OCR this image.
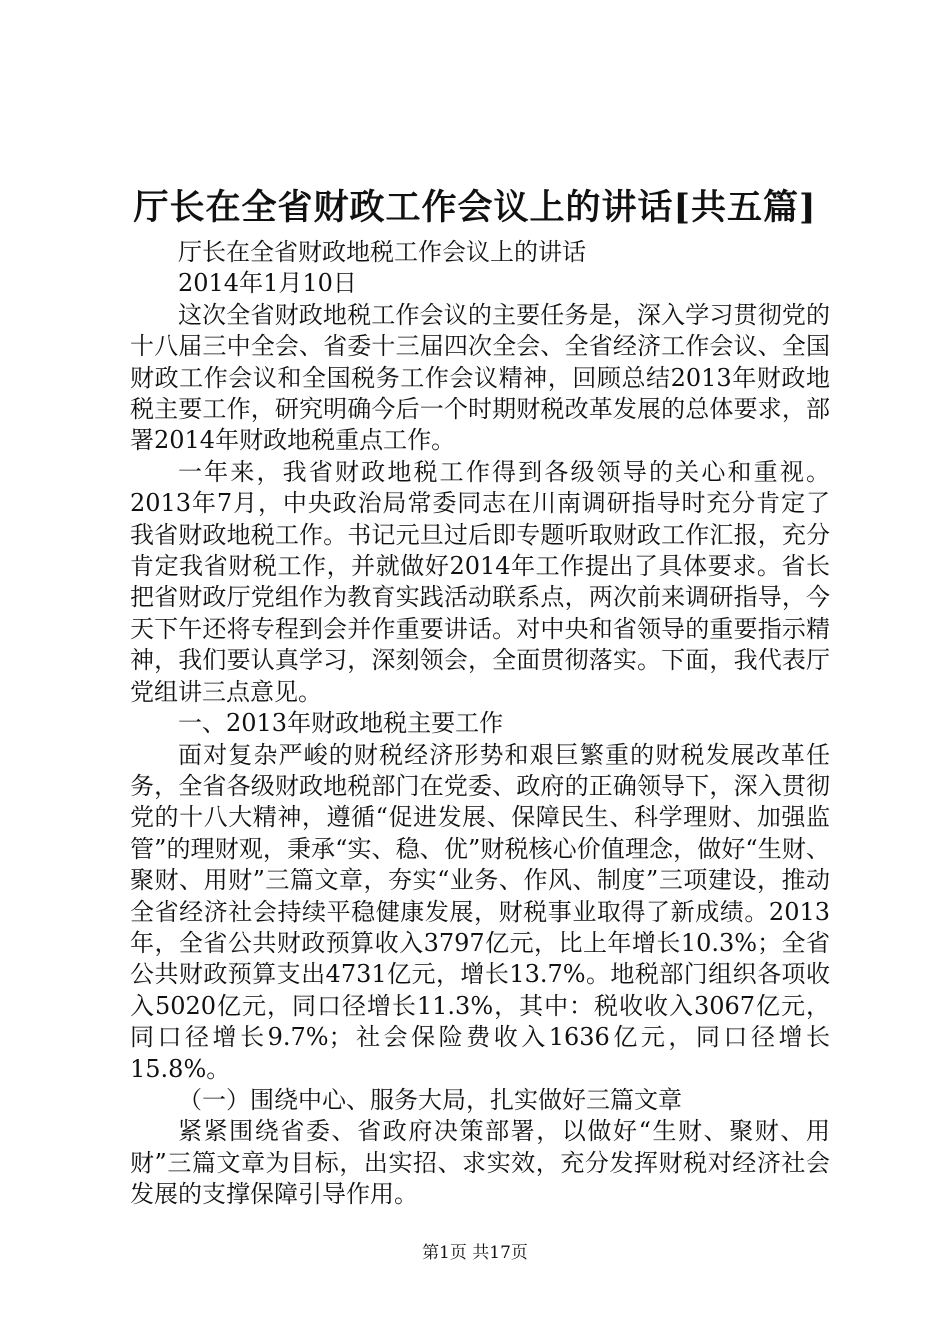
厅长在全省财政工作会议上的讲话[共五篇]

厅长在全省财政地税工作会议上的讲话

2014年1月10日

这次全省财政地税工作会议的主要任务是，深入学习贯彻党的十八届三中全会、省委十三届四次全会、全省经济工作会议、全国财政工作会议和全国税务工作会议精神，回顾总结2013年财政地税主要工作，研究明确今后一个时期财税改革发展的总体要求，部署2014年财政地税重点工作。

一年来，我省财政地税工作得到各级领导的关心和重视。2013年7月，中央政治局常委同志在川南调研指导时充分肯定了我省财政地税工作。书记元旦过后即专题听取财政工作汇报，充分肯定我省财税工作，并就做好2014年工作提出了具体要求。省长把省财政厅党组作为教育实践活动联系点，两次前来调研指导，今天下午还将专程到会并作重要讲话。对中央和省领导的重要指示精神，我们要认真学习，深刻领会，全面贯彻落实。下面，我代表厅党组讲三点意见。

一、2013年财政地税主要工作

面对复杂严峻的财税经济形势和艰巨繁重的财税发展改革任务，全省各级财政地税部门在党委、政府的正确领导下，深入贯彻党的十八大精神，遵循“促进发展、保障民生、科学理财、加强监管”的理财观，秉承“实、稳、优”财税核心价值理念，做好“生财、聚财、用财”三篇文章，夯实“业务、作风、制度”三项建设，推动全省经济社会持续平稳健康发展，财税事业取得了新成绩。2013年，全省公共财政预算收入3797亿元，比上年增长10.3%；全省公共财政预算支出4731亿元，增长13.7%。地税部门组织各项收入5020亿元，同口径增长11.3%，其中：税收收入3067亿元，同口径增长9.7%；社会保险费收入1636亿元，同口径增长15.8%。

（一）围绕中心、服务大局，扎实做好三篇文章

紧紧围绕省委、省政府决策部署，以做好“生财、聚财、用财”三篇文章为目标，出实招、求实效，充分发挥财税对经济社会发展的支撑保障引导作用。

第1页 共17页
